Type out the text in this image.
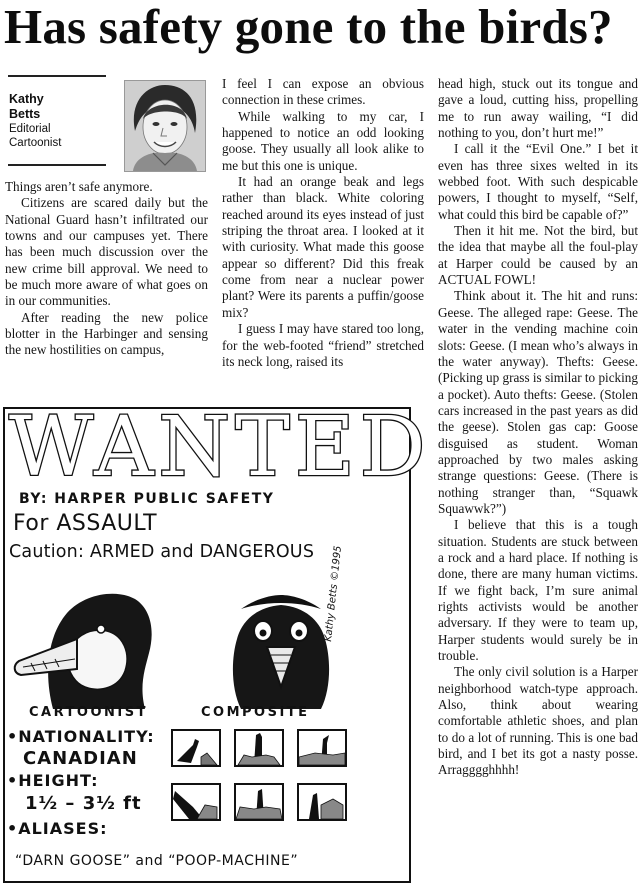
Has safety gone to the birds?
Kathy
Betts
Editorial
Cartoonist

Things aren’t safe anymore.

Citizens are scared daily but the National Guard hasn’t infiltrated our towns and our campuses yet. There has been much discussion over the new crime bill approval. We need to be much more aware of what goes on in our communities.

After reading the new police blotter in the Harbinger and sensing the new hostilities on campus,

I feel I can expose an obvious connection in these crimes.

While walking to my car, I happened to notice an odd looking goose. They usually all look alike to me but this one is unique.

It had an orange beak and legs rather than black. White coloring reached around its eyes instead of just striping the throat area. I looked at it with curiosity. What made this goose appear so different? Did this freak come from near a nuclear power plant? Were its parents a puffin/goose mix?

I guess I may have stared too long, for the web-footed “friend” stretched its neck long, raised its

head high, stuck out its tongue and gave a loud, cutting hiss, propelling me to run away wailing, “I did nothing to you, don’t hurt me!”

I call it the “Evil One.” I bet it even has three sixes welted in its webbed foot. With such despicable powers, I thought to myself, “Self, what could this bird be capable of?”

Then it hit me. Not the bird, but the idea that maybe all the foul-play at Harper could be caused by an ACTUAL FOWL!

Think about it. The hit and runs: Geese. The alleged rape: Geese. The water in the vending machine coin slots: Geese. (I mean who’s always in the water anyway). Thefts: Geese. (Picking up grass is similar to picking a pocket). Auto thefts: Geese. (Stolen cars increased in the past years as did the geese). Stolen gas cap: Goose disguised as student. Woman approached by two males asking strange questions: Geese. (There is nothing stranger than, “Squawk Squawwk?”)

I believe that this is a tough situation. Students are stuck between a rock and a hard place. If nothing is done, there are many human victims. If we fight back, I’m sure animal rights activists would be another adversary. If they were to team up, Harper students would surely be in trouble.

The only civil solution is a Harper neighborhood watch-type approach. Also, think about wearing comfortable athletic shoes, and plan to do a lot of running. This is one bad bird, and I bet its got a nasty posse. Arragggghhhh!

WANTED
BY: HARPER PUBLIC SAFETY
For ASSAULT
Caution: ARMED and DANGEROUS Kathy Betts ©1995
CARTOONIST	COMPOSITE
•NATIONALITY:
CANADIAN
•HEIGHT:
1½ – 3½ ft
•ALIASES:
“DARN GOOSE” and “POOP-MACHINE”
